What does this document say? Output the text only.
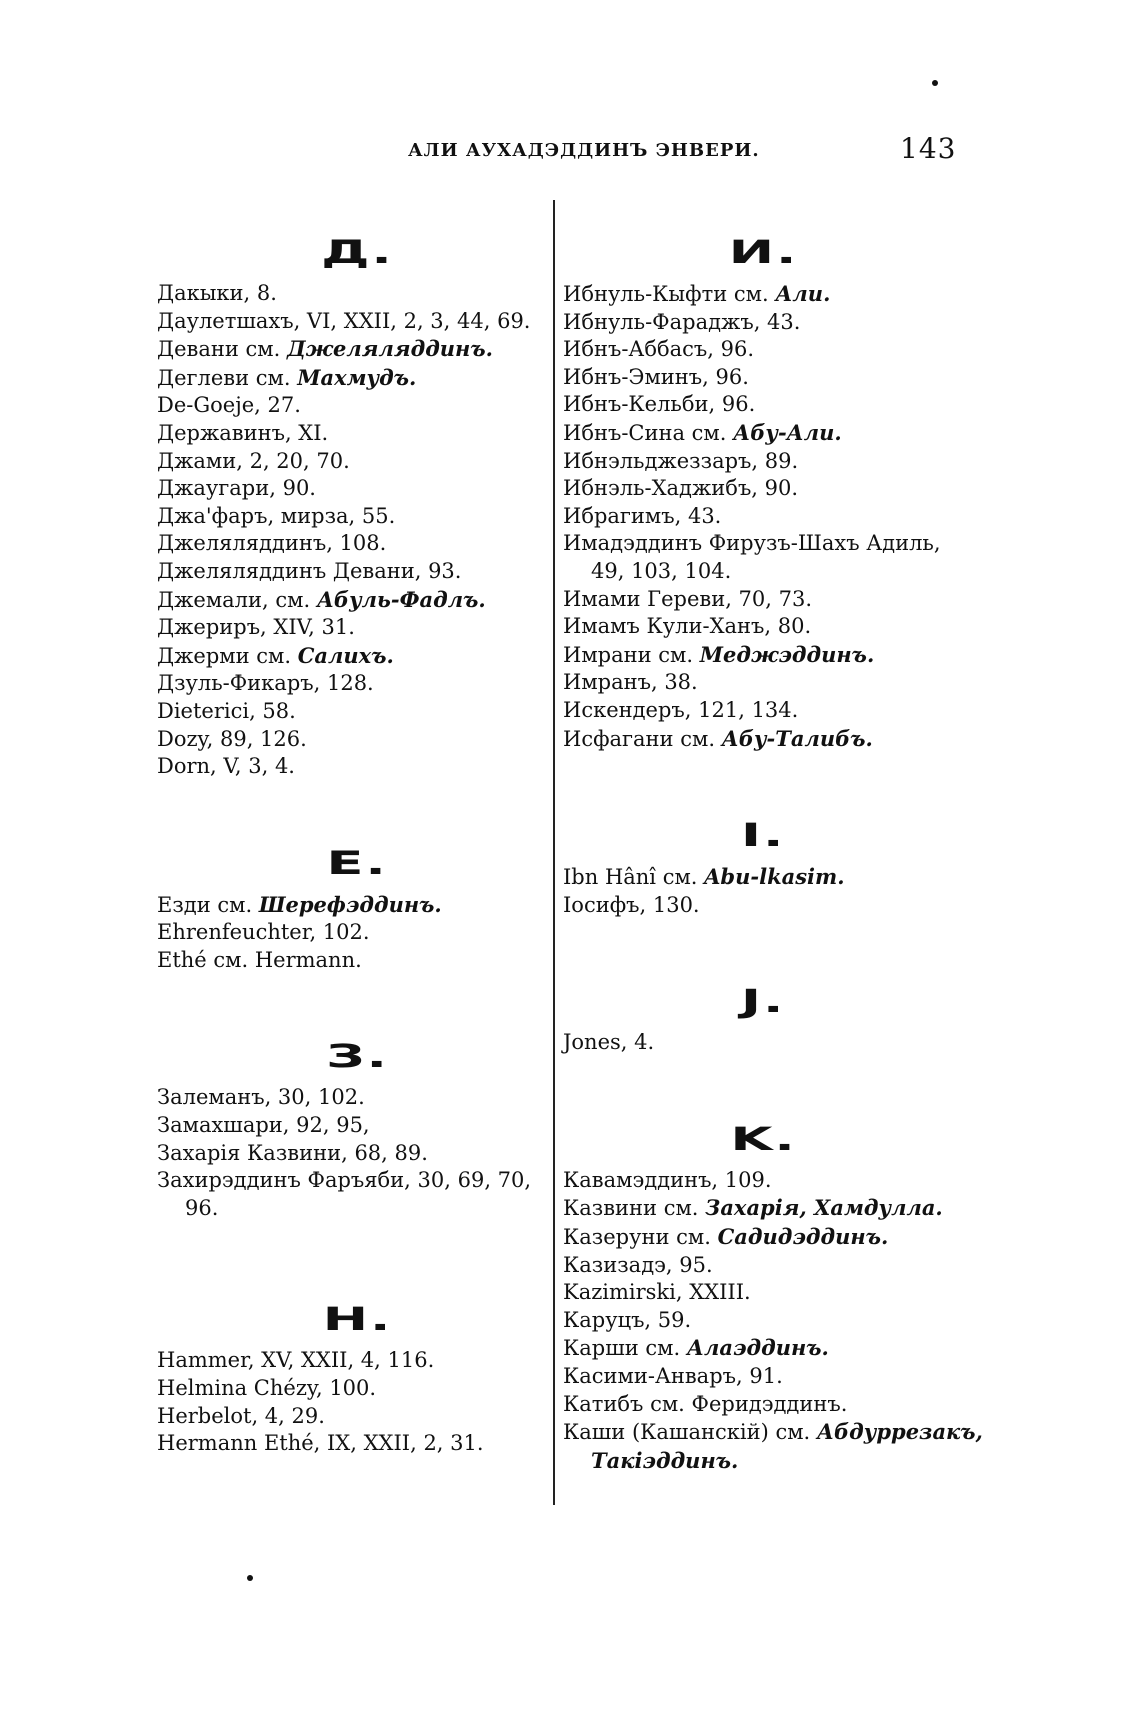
АЛИ АУХАДЭДДИНЪ ЭНВЕРИ.	143
Д.
Дакыки, 8.
Даулетшахъ, VI, XXII, 2, 3, 44, 69.
Девани см. Джеляляддинъ.
Деглеви см. Махмудъ.
De-Goeje, 27.
Державинъ, XI.
Джами, 2, 20, 70.
Джаугари, 90.
Джа'фаръ, мирза, 55.
Джеляляддинъ, 108.
Джеляляддинъ Девани, 93.
Джемали, см. Абуль-Фадлъ.
Джериръ, XIV, 31.
Джерми см. Салихъ.
Дзуль-Фикаръ, 128.
Dieterici, 58.
Dozy, 89, 126.
Dorn, V, 3, 4.
E.
Езди см. Шерефэддинъ.
Ehrenfeuchter, 102.
Ethé см. Hermann.
З.
Залеманъ, 30, 102.
Замахшари, 92, 95,
Захарія Казвини, 68, 89.
Захирэддинъ Фаръяби, 30, 69, 70,
96.
H.
Hammer, XV, XXII, 4, 116.
Helmina Chézy, 100.
Herbelot, 4, 29.
Hermann Ethé, IX, XXII, 2, 31.
И.
Ибнуль-Кыфти см. Али.
Ибнуль-Фараджъ, 43.
Ибнъ-Аббасъ, 96.
Ибнъ-Эминъ, 96.
Ибнъ-Кельби, 96.
Ибнъ-Сина см. Абу-Али.
Ибнэльджеззаръ, 89.
Ибнэль-Хаджибъ, 90.
Ибрагимъ, 43.
Имадэддинъ Фирузъ-Шахъ Адиль,
49, 103, 104.
Имами Гереви, 70, 73.
Имамъ Кули-Ханъ, 80.
Имрани см. Меджэддинъ.
Имранъ, 38.
Искендеръ, 121, 134.
Исфагани см. Абу-Талибъ.
I.
Ibn Hânî см. Abu-lkasim.
Іосифъ, 130.
J.
Jones, 4.
K.
Кавамэддинъ, 109.
Казвини см. Захарія, Хамдулла.
Казеруни см. Садидэддинъ.
Казизадэ, 95.
Kazimirski, XXIII.
Каруцъ, 59.
Карши см. Алаэддинъ.
Касими-Анваръ, 91.
Катибъ см. Феридэддинъ.
Каши (Кашанскій) см. Абдуррезакъ,
Такіэддинъ.
